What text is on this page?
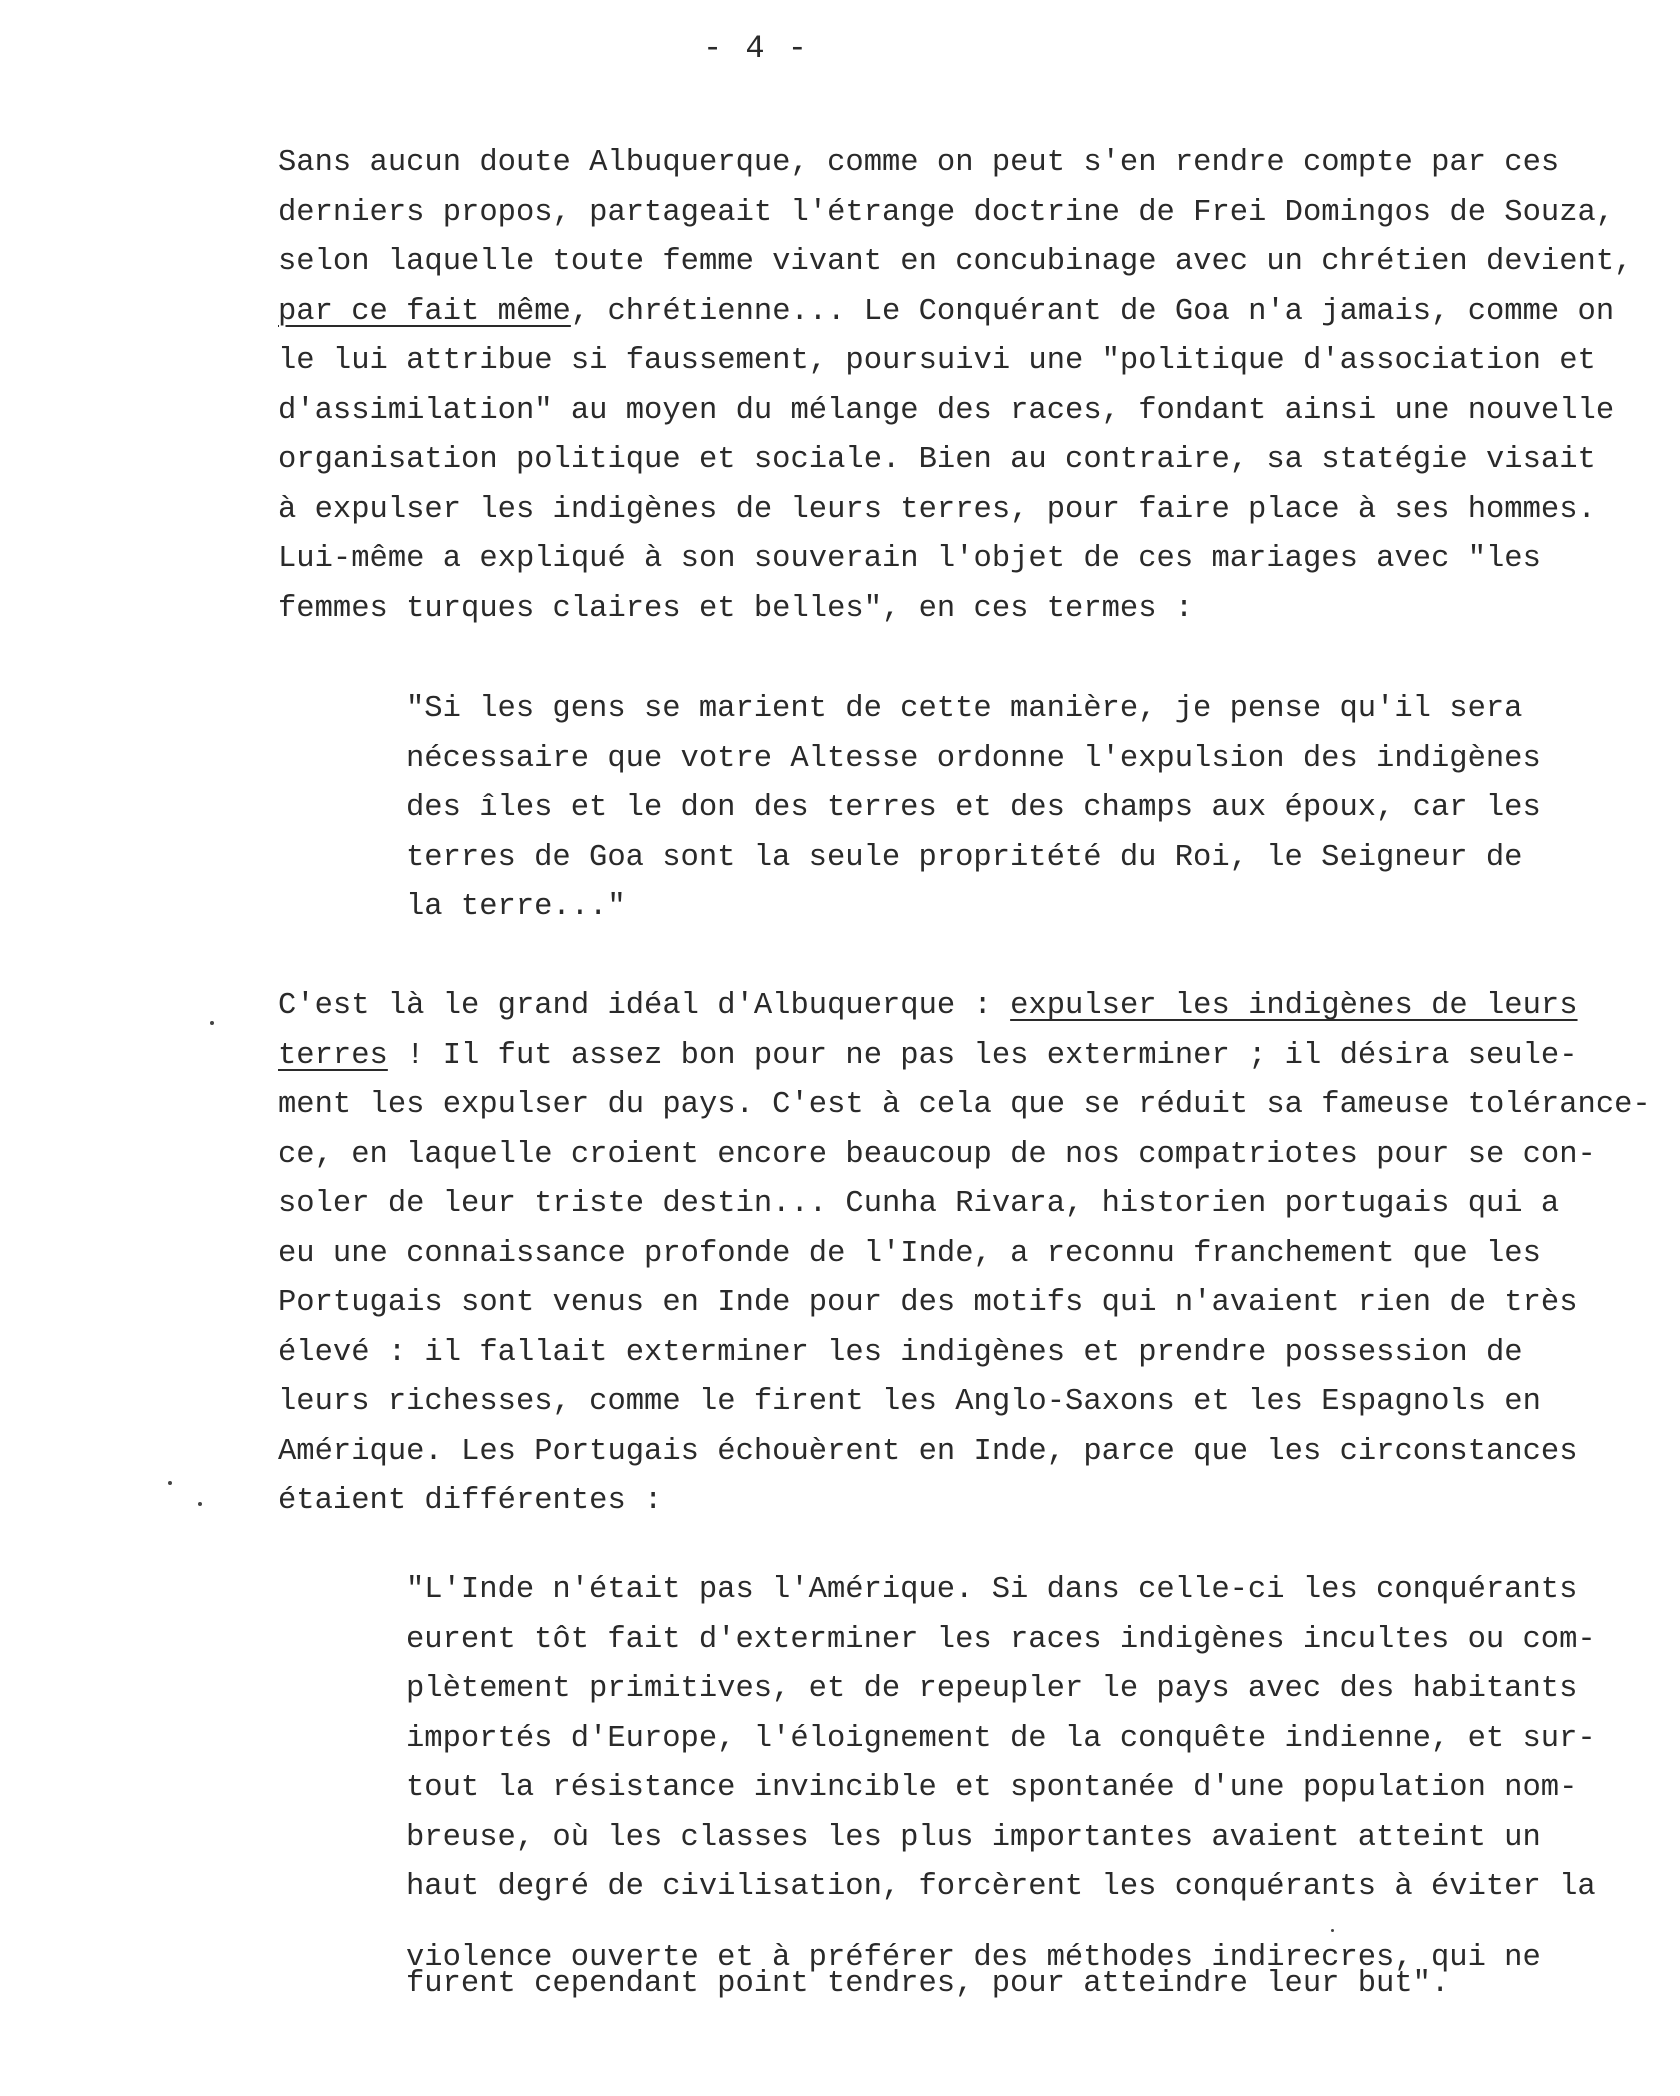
- 4 -
Sans aucun doute Albuquerque, comme on peut s'en rendre compte par ces
derniers propos, partageait l'étrange doctrine de Frei Domingos de Souza,
selon laquelle toute femme vivant en concubinage avec un chrétien devient,
par ce fait même, chrétienne... Le Conquérant de Goa n'a jamais, comme on
le lui attribue si faussement, poursuivi une "politique d'association et
d'assimilation" au moyen du mélange des races, fondant ainsi une nouvelle
organisation politique et sociale. Bien au contraire, sa statégie visait
à expulser les indigènes de leurs terres, pour faire place à ses hommes.
Lui-même a expliqué à son souverain l'objet de ces mariages avec "les
femmes turques claires et belles", en ces termes :
"Si les gens se marient de cette manière, je pense qu'il sera
nécessaire que votre Altesse ordonne l'expulsion des indigènes
des îles et le don des terres et des champs aux époux, car les
terres de Goa sont la seule propritété du Roi, le Seigneur de
la terre..."
C'est là le grand idéal d'Albuquerque : expulser les indigènes de leurs
terres ! Il fut assez bon pour ne pas les exterminer ; il désira seule-
ment les expulser du pays. C'est à cela que se réduit sa fameuse tolérance-
ce, en laquelle croient encore beaucoup de nos compatriotes pour se con-
soler de leur triste destin... Cunha Rivara, historien portugais qui a
eu une connaissance profonde de l'Inde, a reconnu franchement que les
Portugais sont venus en Inde pour des motifs qui n'avaient rien de très
élevé : il fallait exterminer les indigènes et prendre possession de
leurs richesses, comme le firent les Anglo-Saxons et les Espagnols en
Amérique. Les Portugais échouèrent en Inde, parce que les circonstances
étaient différentes :
"L'Inde n'était pas l'Amérique. Si dans celle-ci les conquérants
eurent tôt fait d'exterminer les races indigènes incultes ou com-
plètement primitives, et de repeupler le pays avec des habitants
importés d'Europe, l'éloignement de la conquête indienne, et sur-
tout la résistance invincible et spontanée d'une population nom-
breuse, où les classes les plus importantes avaient atteint un
haut degré de civilisation, forcèrent les conquérants à éviter la
violence ouverte et à préférer des méthodes indirecres, qui ne
furent cependant point tendres, pour atteindre leur but".
